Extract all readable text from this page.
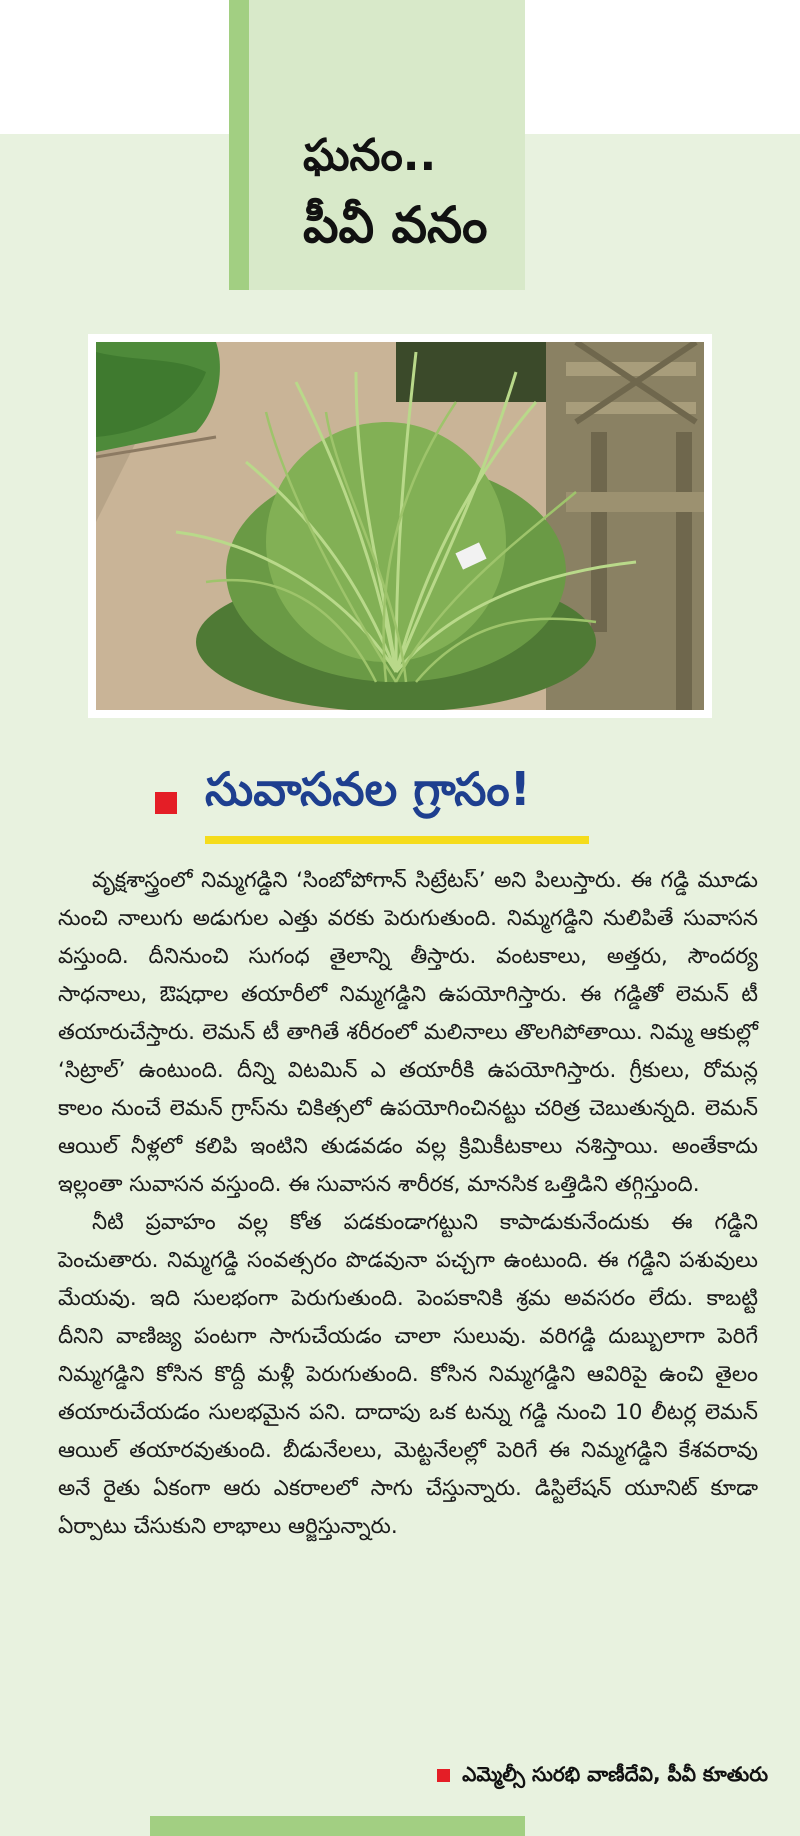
ఘనం..
పీవీ వనం
సువాసనల గ్రాసం!

వృక్షశాస్త్రంలో నిమ్మగడ్డిని ‘సింబోపోగాన్ సిట్రేటస్’ అని పిలుస్తారు. ఈ గడ్డి మూడు నుంచి నాలుగు అడుగుల ఎత్తు వరకు పెరుగుతుంది. నిమ్మగడ్డిని నులిపితే సువాసన వస్తుంది. దీనినుంచి సుగంధ తైలాన్ని తీస్తారు. వంటకాలు, అత్తరు, సౌందర్య సాధనాలు, ఔషధాల తయారీలో నిమ్మగడ్డిని ఉపయోగిస్తారు. ఈ గడ్డితో లెమన్ టీ తయారుచేస్తారు. లెమన్ టీ తాగితే శరీరంలో మలినాలు తొలగిపోతాయి. నిమ్మ ఆకుల్లో ‘సిట్రాల్’ ఉంటుంది. దీన్ని విటమిన్ ఎ తయారీకి ఉపయోగిస్తారు. గ్రీకులు, రోమన్ల కాలం నుంచే లెమన్ గ్రాస్‌ను చికిత్సలో ఉపయోగించినట్టు చరిత్ర చెబుతున్నది. లెమన్ ఆయిల్ నీళ్లలో కలిపి ఇంటిని తుడవడం వల్ల క్రిమికీటకాలు నశిస్తాయి. అంతేకాదు ఇల్లంతా సువాసన వస్తుంది. ఈ సువాసన శారీరక, మానసిక ఒత్తిడిని తగ్గిస్తుంది.

నీటి ప్రవాహం వల్ల కోత పడకుండాగట్టుని కాపాడుకునేందుకు ఈ గడ్డిని పెంచుతారు. నిమ్మగడ్డి సంవత్సరం పొడవునా పచ్చగా ఉంటుంది. ఈ గడ్డిని పశువులు మేయవు. ఇది సులభంగా పెరుగుతుంది. పెంపకానికి శ్రమ అవసరం లేదు. కాబట్టి దీనిని వాణిజ్య పంటగా సాగుచేయడం చాలా సులువు. వరిగడ్డి దుబ్బులాగా పెరిగే నిమ్మగడ్డిని కోసిన కొద్దీ మళ్లీ పెరుగుతుంది. కోసిన నిమ్మగడ్డిని ఆవిరిపై ఉంచి తైలం తయారుచేయడం సులభమైన పని. దాదాపు ఒక టన్ను గడ్డి నుంచి 10 లీటర్ల లెమన్ ఆయిల్ తయారవుతుంది. బీడునేలలు, మెట్టనేలల్లో పెరిగే ఈ నిమ్మగడ్డిని కేశవరావు అనే రైతు ఏకంగా ఆరు ఎకరాలలో సాగు చేస్తున్నారు. డిస్టిలేషన్ యూనిట్ కూడా ఏర్పాటు చేసుకుని లాభాలు ఆర్జిస్తున్నారు.

ఎమ్మెల్సీ సురభి వాణీదేవి, పీవీ కూతురు
